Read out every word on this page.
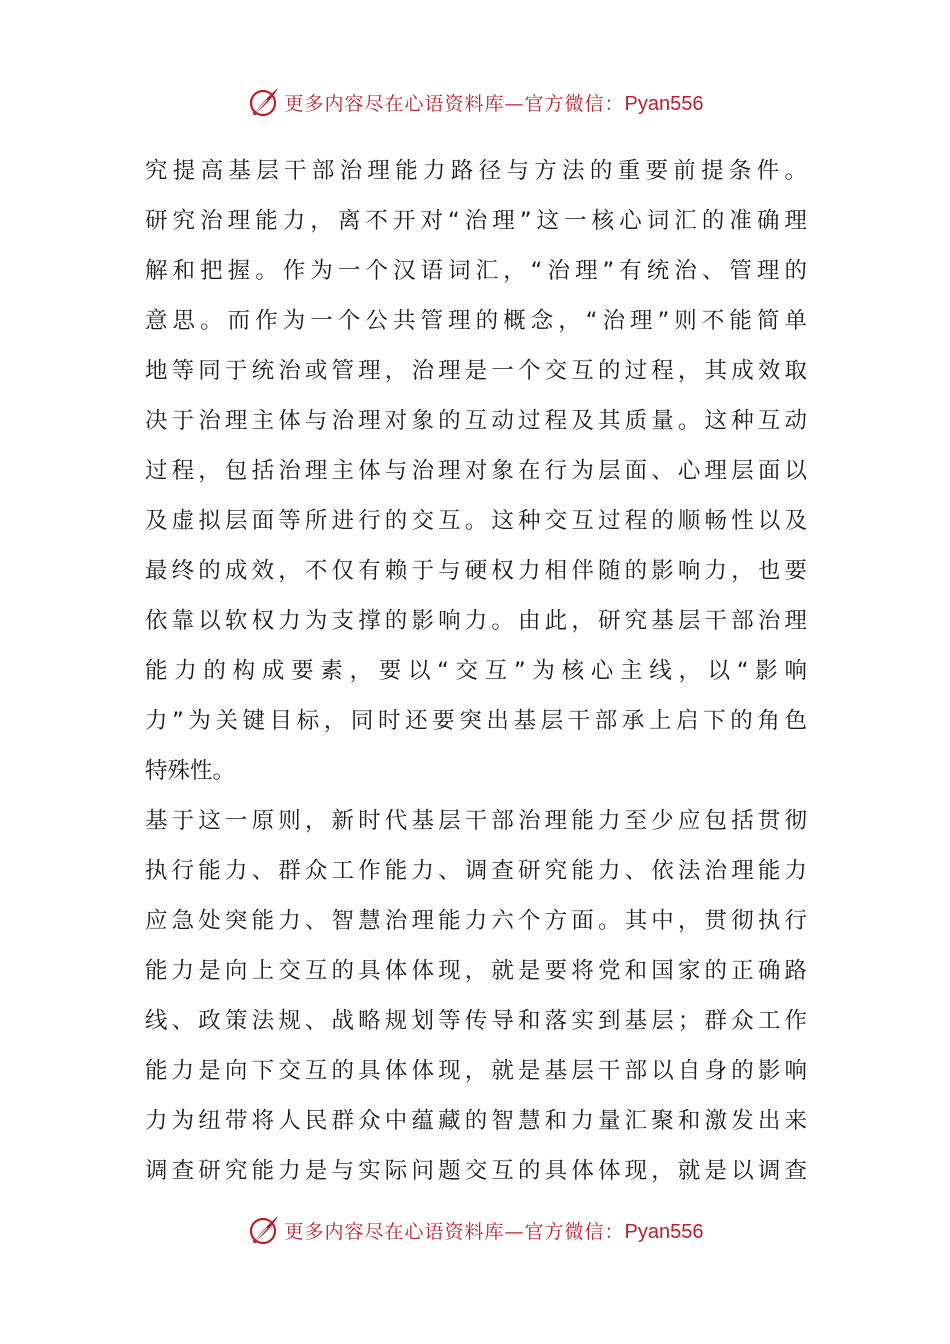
更多内容尽在心语资料库—官方微信：Pyan556
究提高基层干部治理能力路径与方法的重要前提条件。
研究治理能力，离不开对“治理”这一核心词汇的准确理
解和把握。作为一个汉语词汇，“治理”有统治、管理的
意思。而作为一个公共管理的概念，“治理”则不能简单
地等同于统治或管理，治理是一个交互的过程，其成效取
决于治理主体与治理对象的互动过程及其质量。这种互动
过程，包括治理主体与治理对象在行为层面、心理层面以
及虚拟层面等所进行的交互。这种交互过程的顺畅性以及
最终的成效，不仅有赖于与硬权力相伴随的影响力，也要
依靠以软权力为支撑的影响力。由此，研究基层干部治理
能力的构成要素，要以“交互”为核心主线，以“影响
力”为关键目标，同时还要突出基层干部承上启下的角色
特殊性。
基于这一原则，新时代基层干部治理能力至少应包括贯彻
执行能力、群众工作能力、调查研究能力、依法治理能力
应急处突能力、智慧治理能力六个方面。其中，贯彻执行
能力是向上交互的具体体现，就是要将党和国家的正确路
线、政策法规、战略规划等传导和落实到基层；群众工作
能力是向下交互的具体体现，就是基层干部以自身的影响
力为纽带将人民群众中蕴藏的智慧和力量汇聚和激发出来
调查研究能力是与实际问题交互的具体体现，就是以调查
更多内容尽在心语资料库—官方微信：Pyan556
